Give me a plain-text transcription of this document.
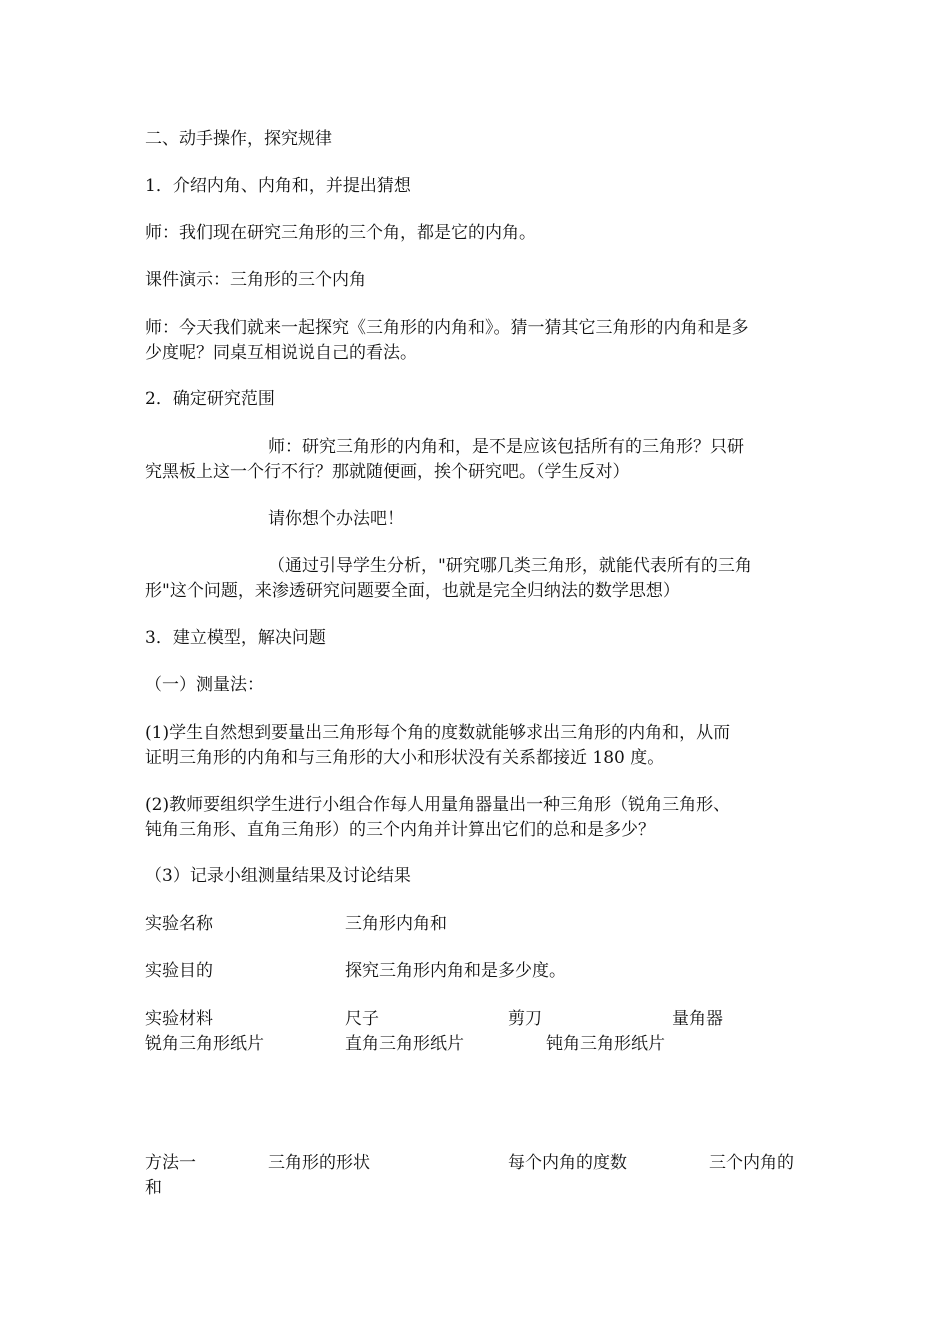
二、动手操作，探究规律
1．介绍内角、内角和，并提出猜想
师：我们现在研究三角形的三个角，都是它的内角。
课件演示：三角形的三个内角
师：今天我们就来一起探究《三角形的内角和》。猜一猜其它三角形的内角和是多
少度呢？同桌互相说说自己的看法。
2．确定研究范围
师：研究三角形的内角和，是不是应该包括所有的三角形？只研
究黑板上这一个行不行？那就随便画，挨个研究吧。（学生反对）
请你想个办法吧！
（通过引导学生分析，"研究哪几类三角形，就能代表所有的三角
形"这个问题，来渗透研究问题要全面，也就是完全归纳法的数学思想）
3．建立模型，解决问题
（一）测量法：
(1)学生自然想到要量出三角形每个角的度数就能够求出三角形的内角和，从而
证明三角形的内角和与三角形的大小和形状没有关系都接近 180 度。
(2)教师要组织学生进行小组合作每人用量角器量出一种三角形（锐角三角形、
钝角三角形、直角三角形）的三个内角并计算出它们的总和是多少？
（3）记录小组测量结果及讨论结果
实验名称	三角形内角和
实验目的	探究三角形内角和是多少度。
实验材料	尺子	剪刀	量角器
锐角三角形纸片	直角三角形纸片	钝角三角形纸片
方法一	三角形的形状	每个内角的度数	三个内角的
和
